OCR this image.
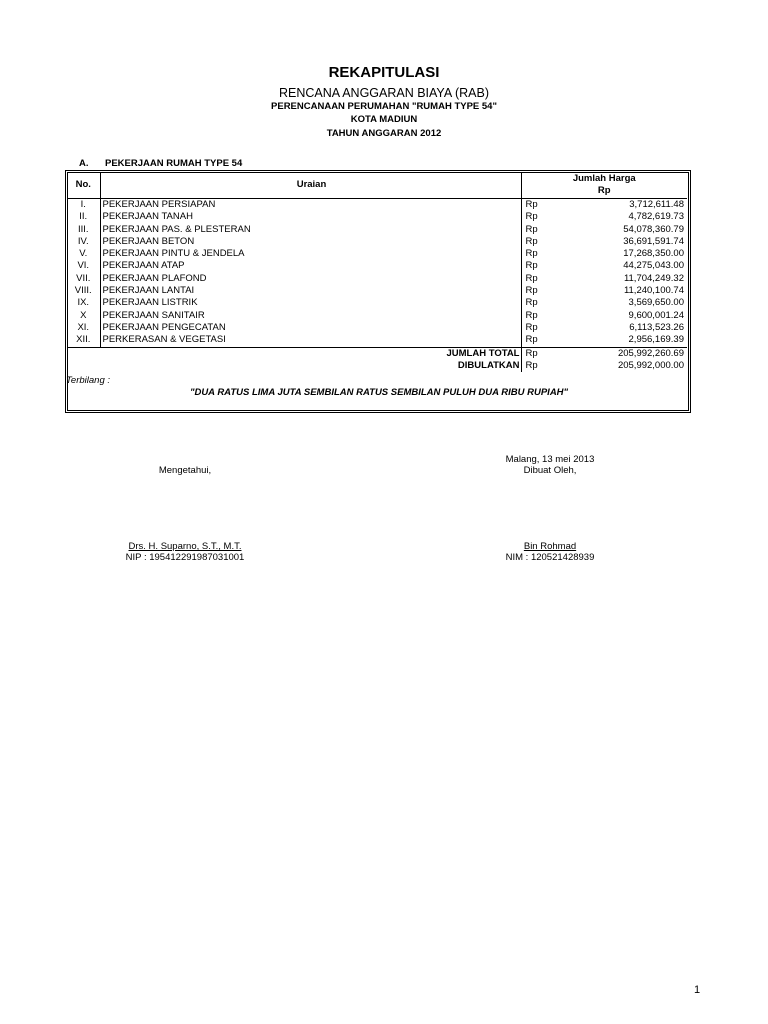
REKAPITULASI
RENCANA ANGGARAN BIAYA (RAB)
PERENCANAAN PERUMAHAN "RUMAH TYPE 54"
KOTA MADIUN
TAHUN ANGGARAN 2012
A. PEKERJAAN RUMAH TYPE 54
No.	Uraian	Jumlah Harga
Rp	

I.	PEKERJAAN PERSIAPAN	Rp	3,712,611.48
II.	PEKERJAAN TANAH	Rp	4,782,619.73
III.	PEKERJAAN PAS. & PLESTERAN	Rp	54,078,360.79
IV.	PEKERJAAN BETON	Rp	36,691,591.74
V.	PEKERJAAN PINTU & JENDELA	Rp	17,268,350.00
VI.	PEKERJAAN ATAP	Rp	44,275,043.00
VII.	PEKERJAAN PLAFOND	Rp	11,704,249.32
VIII.	PEKERJAAN LANTAI	Rp	11,240,100.74
IX.	PEKERJAAN LISTRIK	Rp	3,569,650.00
X	PEKERJAAN SANITAIR	Rp	9,600,001.24
XI.	PEKERJAAN PENGECATAN	Rp	6,113,523.26
XII.	PERKERASAN & VEGETASI	Rp	2,956,169.39
JUMLAH TOTAL		Rp	205,992,260.69
DIBULATKAN		Rp	205,992,000.00
Terbilang :
"DUA RATUS LIMA JUTA SEMBILAN RATUS SEMBILAN PULUH DUA RIBU RUPIAH"
Malang, 13 mei 2013
Mengetahui,	Dibuat Oleh,
Drs. H. Suparno, S.T., M.T.
NIP : 195412291987031001
Bin Rohmad
NIM : 120521428939
1
